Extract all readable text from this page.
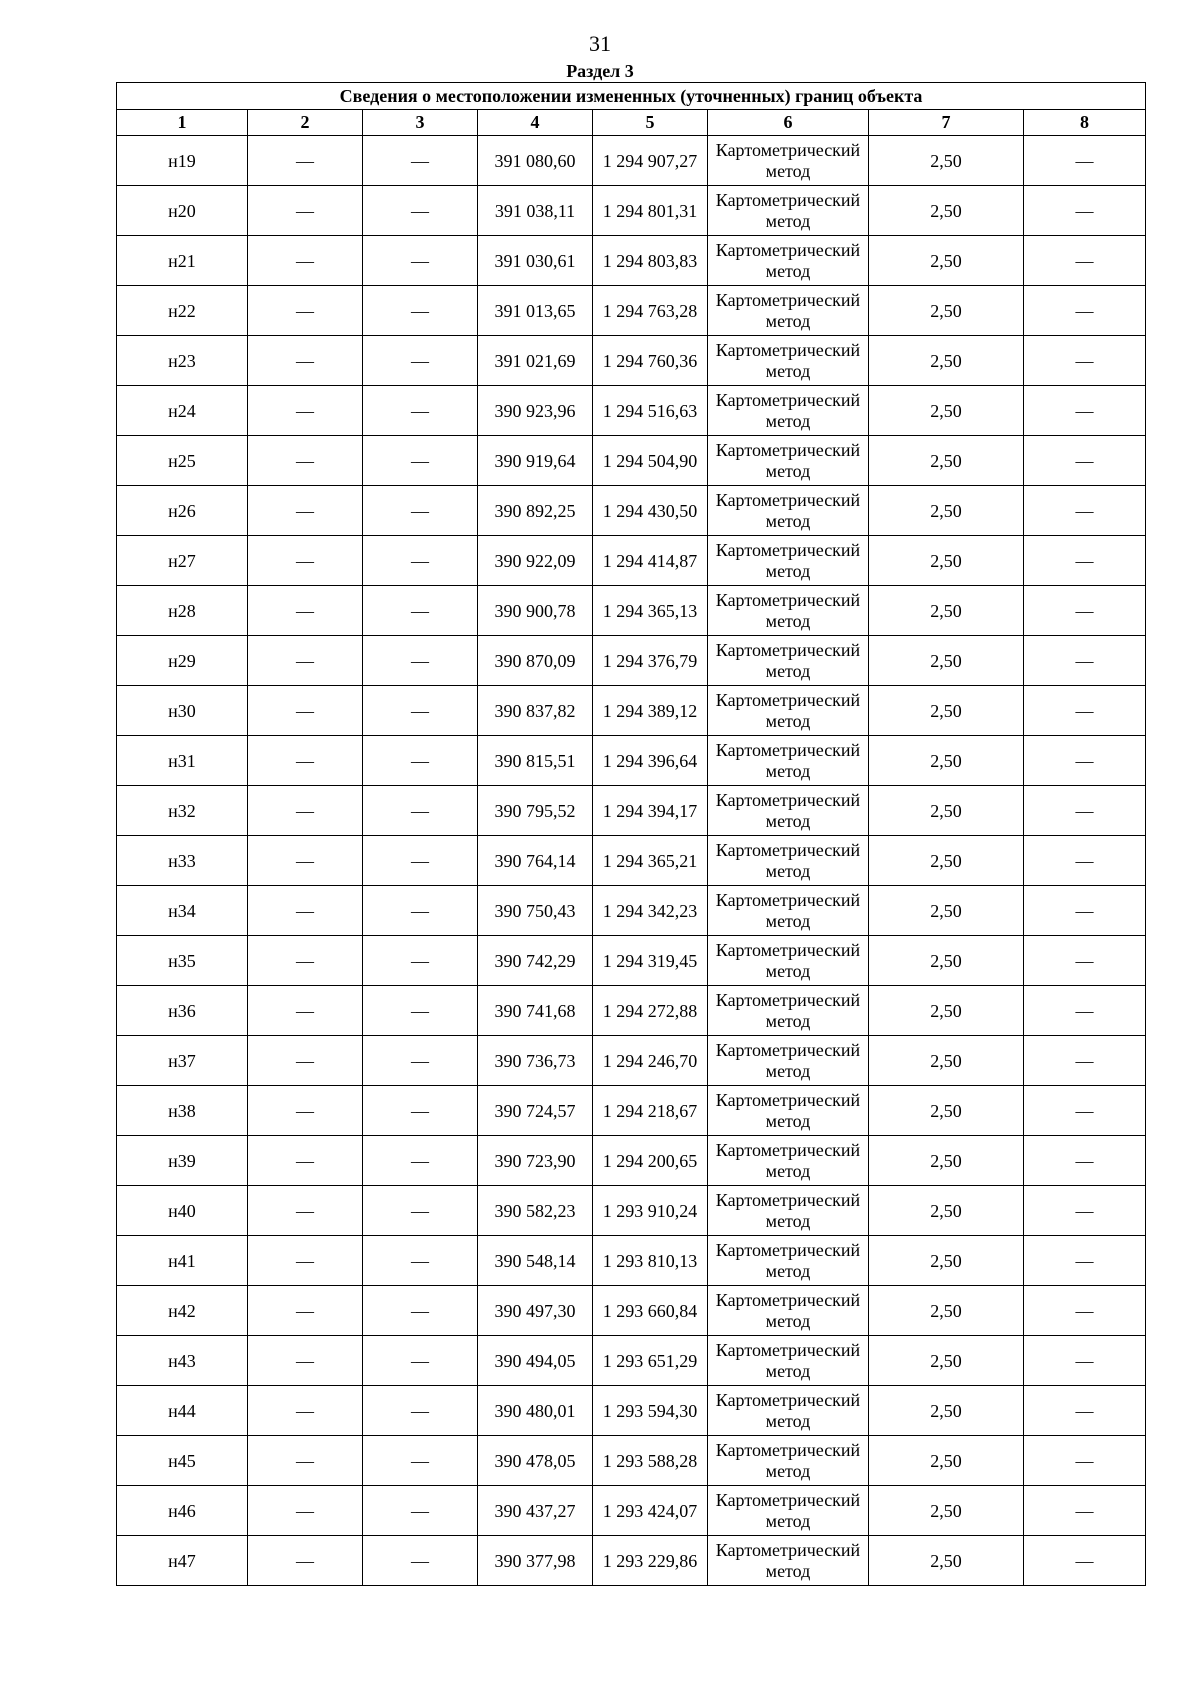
31
Раздел 3
Сведения о местоположении измененных (уточненных) границ объекта							
1	2	3	4	5	6	7	8
н19	—	—	391 080,60	1 294 907,27	Картометрический метод	2,50	—
н20	—	—	391 038,11	1 294 801,31	Картометрический метод	2,50	—
н21	—	—	391 030,61	1 294 803,83	Картометрический метод	2,50	—
н22	—	—	391 013,65	1 294 763,28	Картометрический метод	2,50	—
н23	—	—	391 021,69	1 294 760,36	Картометрический метод	2,50	—
н24	—	—	390 923,96	1 294 516,63	Картометрический метод	2,50	—
н25	—	—	390 919,64	1 294 504,90	Картометрический метод	2,50	—
н26	—	—	390 892,25	1 294 430,50	Картометрический метод	2,50	—
н27	—	—	390 922,09	1 294 414,87	Картометрический метод	2,50	—
н28	—	—	390 900,78	1 294 365,13	Картометрический метод	2,50	—
н29	—	—	390 870,09	1 294 376,79	Картометрический метод	2,50	—
н30	—	—	390 837,82	1 294 389,12	Картометрический метод	2,50	—
н31	—	—	390 815,51	1 294 396,64	Картометрический метод	2,50	—
н32	—	—	390 795,52	1 294 394,17	Картометрический метод	2,50	—
н33	—	—	390 764,14	1 294 365,21	Картометрический метод	2,50	—
н34	—	—	390 750,43	1 294 342,23	Картометрический метод	2,50	—
н35	—	—	390 742,29	1 294 319,45	Картометрический метод	2,50	—
н36	—	—	390 741,68	1 294 272,88	Картометрический метод	2,50	—
н37	—	—	390 736,73	1 294 246,70	Картометрический метод	2,50	—
н38	—	—	390 724,57	1 294 218,67	Картометрический метод	2,50	—
н39	—	—	390 723,90	1 294 200,65	Картометрический метод	2,50	—
н40	—	—	390 582,23	1 293 910,24	Картометрический метод	2,50	—
н41	—	—	390 548,14	1 293 810,13	Картометрический метод	2,50	—
н42	—	—	390 497,30	1 293 660,84	Картометрический метод	2,50	—
н43	—	—	390 494,05	1 293 651,29	Картометрический метод	2,50	—
н44	—	—	390 480,01	1 293 594,30	Картометрический метод	2,50	—
н45	—	—	390 478,05	1 293 588,28	Картометрический метод	2,50	—
н46	—	—	390 437,27	1 293 424,07	Картометрический метод	2,50	—
н47	—	—	390 377,98	1 293 229,86	Картометрический метод	2,50	—
